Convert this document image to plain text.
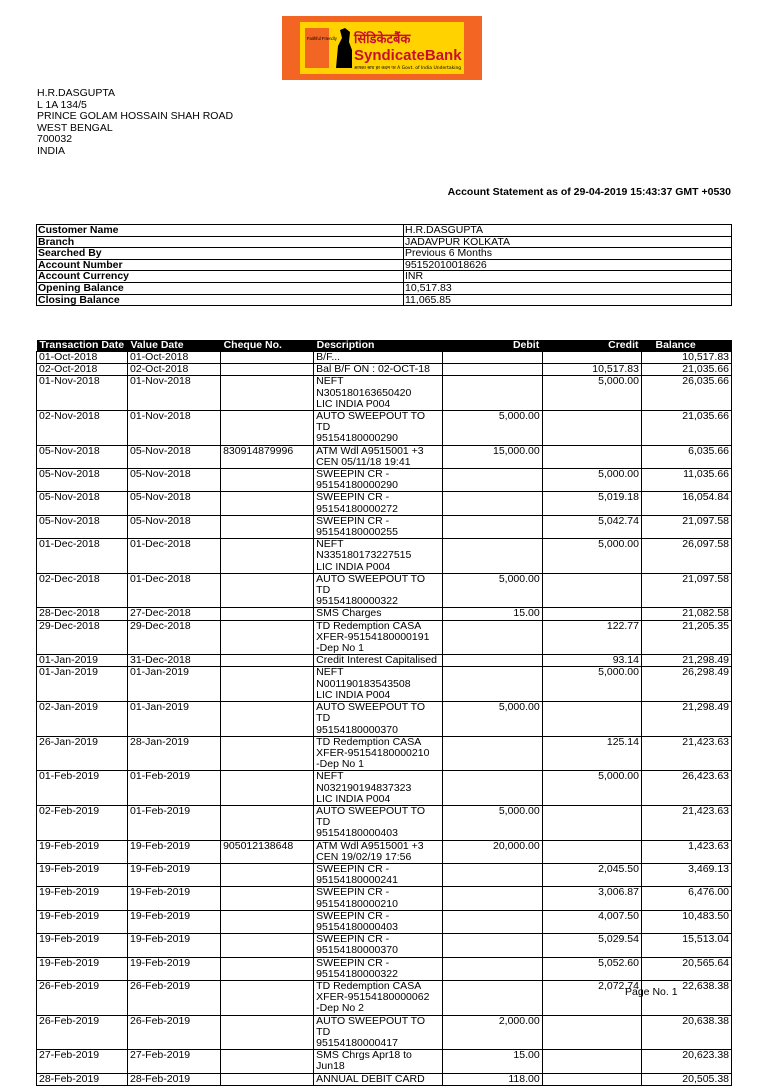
Faithful Friendly सिंडिकेटबैंक
SyndicateBank
आपका साथ हर कदम पर A Govt. of India Undertaking
H.R.DASGUPTA
L 1A 134/5
PRINCE GOLAM HOSSAIN SHAH ROAD
WEST BENGAL
700032
INDIA
Account Statement as of 29-04-2019 15:43:37 GMT +0530
Customer Name	H.R.DASGUPTA
Branch	JADAVPUR KOLKATA
Searched By	Previous 6 Months
Account Number	95152010018626
Account Currency	INR
Opening Balance	10,517.83
Closing Balance	11,065.85
Transaction Date	Value Date	Cheque No.	Description	Debit	Credit	Balance
01-Oct-2018	01-Oct-2018		B/F...			10,517.83
02-Oct-2018	02-Oct-2018		Bal B/F ON : 02-OCT-18		10,517.83	21,035.66
01-Nov-2018	01-Nov-2018		NEFT N305180163650420
LIC INDIA P004		5,000.00	26,035.66
02-Nov-2018	01-Nov-2018		AUTO SWEEPOUT TO TD
95154180000290	5,000.00		21,035.66
05-Nov-2018	05-Nov-2018	830914879996	ATM Wdl A9515001 +3
CEN 05/11/18 19:41	15,000.00		6,035.66
05-Nov-2018	05-Nov-2018		SWEEPIN CR -
95154180000290		5,000.00	11,035.66
05-Nov-2018	05-Nov-2018		SWEEPIN CR -
95154180000272		5,019.18	16,054.84
05-Nov-2018	05-Nov-2018		SWEEPIN CR -
95154180000255		5,042.74	21,097.58
01-Dec-2018	01-Dec-2018		NEFT N335180173227515
LIC INDIA P004		5,000.00	26,097.58
02-Dec-2018	01-Dec-2018		AUTO SWEEPOUT TO TD
95154180000322	5,000.00		21,097.58
28-Dec-2018	27-Dec-2018		SMS Charges	15.00		21,082.58
29-Dec-2018	29-Dec-2018		TD Redemption CASA
XFER-95154180000191
-Dep No 1		122.77	21,205.35
01-Jan-2019	31-Dec-2018		Credit Interest Capitalised		93.14	21,298.49
01-Jan-2019	01-Jan-2019		NEFT N001190183543508
LIC INDIA P004		5,000.00	26,298.49
02-Jan-2019	01-Jan-2019		AUTO SWEEPOUT TO TD
95154180000370	5,000.00		21,298.49
26-Jan-2019	28-Jan-2019		TD Redemption CASA
XFER-95154180000210
-Dep No 1		125.14	21,423.63
01-Feb-2019	01-Feb-2019		NEFT N032190194837323
LIC INDIA P004		5,000.00	26,423.63
02-Feb-2019	01-Feb-2019		AUTO SWEEPOUT TO TD
95154180000403	5,000.00		21,423.63
19-Feb-2019	19-Feb-2019	905012138648	ATM Wdl A9515001 +3
CEN 19/02/19 17:56	20,000.00		1,423.63
19-Feb-2019	19-Feb-2019		SWEEPIN CR -
95154180000241		2,045.50	3,469.13
19-Feb-2019	19-Feb-2019		SWEEPIN CR -
95154180000210		3,006.87	6,476.00
19-Feb-2019	19-Feb-2019		SWEEPIN CR -
95154180000403		4,007.50	10,483.50
19-Feb-2019	19-Feb-2019		SWEEPIN CR -
95154180000370		5,029.54	15,513.04
19-Feb-2019	19-Feb-2019		SWEEPIN CR -
95154180000322		5,052.60	20,565.64
26-Feb-2019	26-Feb-2019		TD Redemption CASA
XFER-95154180000062
-Dep No 2		2,072.74	22,638.38
26-Feb-2019	26-Feb-2019		AUTO SWEEPOUT TO TD
95154180000417	2,000.00		20,638.38
27-Feb-2019	27-Feb-2019		SMS Chrgs Apr18 to
Jun18	15.00		20,623.38
28-Feb-2019	28-Feb-2019		ANNUAL DEBIT CARD	118.00		20,505.38
Page No. 1
